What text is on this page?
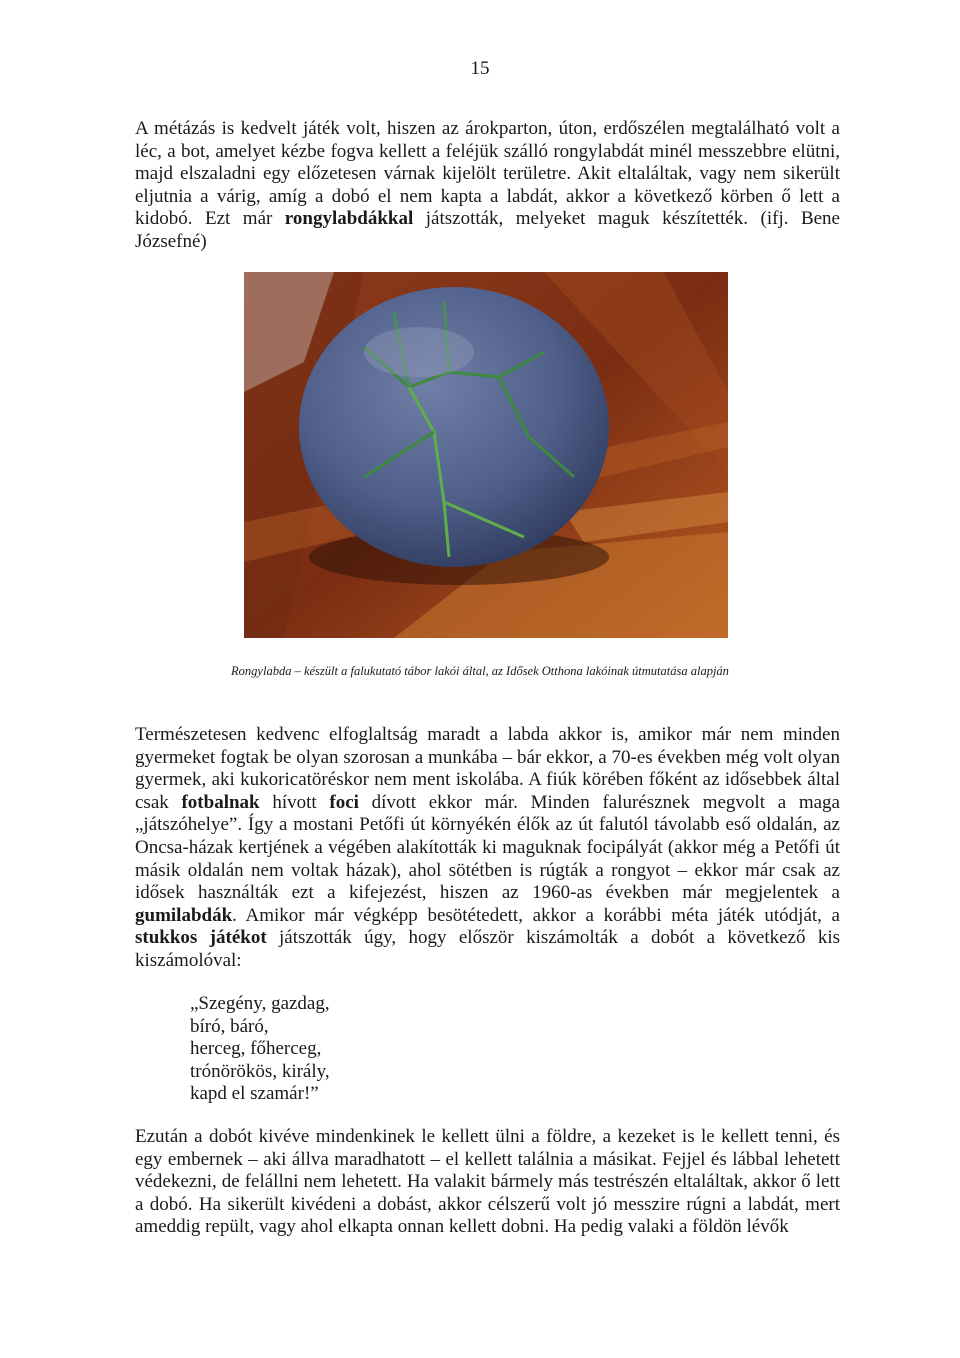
15

A métázás is kedvelt játék volt, hiszen az árokparton, úton, erdőszélen megtalálható volt a léc, a bot, amelyet kézbe fogva kellett a feléjük szálló rongylabdát minél messzebbre elütni, majd elszaladni egy előzetesen várnak kijelölt területre. Akit eltaláltak, vagy nem sikerült eljutnia a várig, amíg a dobó el nem kapta a labdát, akkor a következő körben ő lett a kidobó. Ezt már rongylabdákkal játszották, melyeket maguk készítették. (ifj. Bene Józsefné)

Rongylabda – készült a falukutató tábor lakói által, az Idősek Otthona lakóinak útmutatása alapján

Természetesen kedvenc elfoglaltság maradt a labda akkor is, amikor már nem minden gyermeket fogtak be olyan szorosan a munkába – bár ekkor, a 70-es években még volt olyan gyermek, aki kukoricatöréskor nem ment iskolába. A fiúk körében főként az idősebbek által csak fotbalnak hívott foci dívott ekkor már. Minden falurésznek megvolt a maga „játszóhelye”. Így a mostani Petőfi út környékén élők az út falutól távolabb eső oldalán, az Oncsa-házak kertjének a végében alakították ki maguknak focipályát (akkor még a Petőfi út másik oldalán nem voltak házak), ahol sötétben is rúgták a rongyot – ekkor már csak az idősek használták ezt a kifejezést, hiszen az 1960-as években már megjelentek a gumilabdák. Amikor már végképp besötétedett, akkor a korábbi méta játék utódját, a stukkos játékot játszották úgy, hogy először kiszámolták a dobót a következő kis kiszámolóval:

„Szegény, gazdag,
bíró, báró,
herceg, főherceg,
trónörökös, király,
kapd el szamár!”

Ezután a dobót kivéve mindenkinek le kellett ülni a földre, a kezeket is le kellett tenni, és egy embernek – aki állva maradhatott – el kellett találnia a másikat. Fejjel és lábbal lehetett védekezni, de felállni nem lehetett. Ha valakit bármely más testrészén eltaláltak, akkor ő lett a dobó. Ha sikerült kivédeni a dobást, akkor célszerű volt jó messzire rúgni a labdát, mert ameddig repült, vagy ahol elkapta onnan kellett dobni. Ha pedig valaki a földön lévők
